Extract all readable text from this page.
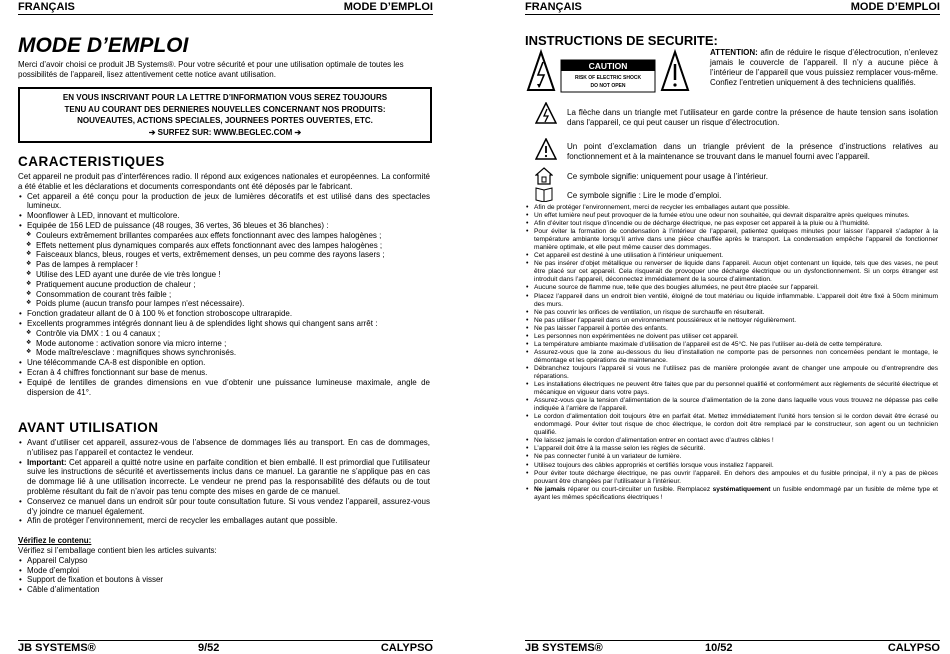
FRANÇAIS	MODE D’EMPLOI
MODE D’EMPLOI
Merci d’avoir choisi ce produit JB Systems®. Pour votre sécurité et pour une utilisation optimale de toutes les possibilités de l’appareil, lisez attentivement cette notice avant utilisation.
EN VOUS INSCRIVANT POUR LA LETTRE D’INFORMATION VOUS SEREZ TOUJOURS
TENU AU COURANT DES DERNIERES NOUVELLES CONCERNANT NOS PRODUITS:
NOUVEAUTES, ACTIONS SPECIALES, JOURNEES PORTES OUVERTES, ETC.
➔ SURFEZ SUR: WWW.BEGLEC.COM ➔
CARACTERISTIQUES
Cet appareil ne produit pas d’interférences radio. Il répond aux exigences nationales et européennes. La conformité a été établie et les déclarations et documents correspondants ont été déposés par le fabricant.
• Cet appareil a été conçu pour la production de jeux de lumières décoratifs et est utilisé dans des spectacles lumineux.
• Moonflower à LED, innovant et multicolore.
• Equipée de 156 LED de puissance (48 rouges, 36 vertes, 36 bleues et 36 blanches) :
❖ Couleurs extrêmement brillantes comparées aux effets fonctionnant avec des lampes halogènes ;
❖ Effets nettement plus dynamiques comparés aux effets fonctionnant avec des lampes halogènes ;
❖ Faisceaux blancs, bleus, rouges et verts, extrêmement denses, un peu comme des rayons lasers ;
❖ Pas de lampes à remplacer !
❖ Utilise des LED ayant une durée de vie très longue !
❖ Pratiquement aucune production de chaleur ;
❖ Consommation de courant très faible ;
❖ Poids plume (aucun transfo pour lampes n'est nécessaire).
• Fonction gradateur allant de 0 à 100 % et fonction stroboscope ultrarapide.
• Excellents programmes intégrés donnant lieu à de splendides light shows qui changent sans arrêt :
❖ Contrôle via DMX : 1 ou 4 canaux ;
❖ Mode autonome : activation sonore via micro interne ;
❖ Mode maître/esclave : magnifiques shows synchronisés.
• Une télécommande CA-8 est disponible en option.
• Ecran à 4 chiffres fonctionnant sur base de menus.
• Equipé de lentilles de grandes dimensions en vue d’obtenir une puissance lumineuse maximale, angle de dispersion de 41°.
AVANT UTILISATION
• Avant d’utiliser cet appareil, assurez-vous de l’absence de dommages liés au transport. En cas de dommages, n’utilisez pas l’appareil et contactez le vendeur.
• Important: Cet appareil a quitté notre usine en parfaite condition et bien emballé. Il est primordial que l’utilisateur suive les instructions de sécurité et avertissements inclus dans ce manuel. La garantie ne s’applique pas en cas de dommage lié à une utilisation incorrecte. Le vendeur ne prend pas la responsabilité des défauts ou de tout problème résultant du fait de n’avoir pas tenu compte des mises en garde de ce manuel.
• Conservez ce manuel dans un endroit sûr pour toute consultation future. Si vous vendez l’appareil, assurez-vous d’y joindre ce manuel également.
• Afin de protéger l’environnement, merci de recycler les emballages autant que possible.
Vérifiez le contenu:
Vérifiez si l’emballage contient bien les articles suivants:
• Appareil Calypso
• Mode d’emploi
• Support de fixation et boutons à visser
• Câble d’alimentation
JB SYSTEMS®	9/52	CALYPSO
FRANÇAIS	MODE D’EMPLOI
INSTRUCTIONS DE SECURITE:
CAUTION
RISK OF ELECTRIC SHOCK
DO NOT OPEN
ATTENTION: afin de réduire le risque d’électrocution, n’enlevez jamais le couvercle de l’appareil. Il n’y a aucune pièce à l’intérieur de l’appareil que vous puissiez remplacer vous-même. Confiez l’entretien uniquement à des techniciens qualifiés.
La flèche dans un triangle met l’utilisateur en garde contre la présence de haute tension sans isolation dans l'appareil, ce qui peut causer un risque d’électrocution.
Un point d’exclamation dans un triangle prévient de la présence d’instructions relatives au fonctionnement et à la maintenance se trouvant dans le manuel fourni avec l’appareil.
Ce symbole signifie: uniquement pour usage à l’intérieur.
Ce symbole signifie : Lire le mode d’emploi.
• Afin de protéger l’environnement, merci de recycler les emballages autant que possible.
• Un effet lumière neuf peut provoquer de la fumée et/ou une odeur non souhaitée, qui devrait disparaître après quelques minutes.
• Afin d’éviter tout risque d’incendie ou de décharge électrique, ne pas exposer cet appareil à la pluie ou à l’humidité.
• Pour éviter la formation de condensation à l’intérieur de l’appareil, patientez quelques minutes pour laisser l’appareil s’adapter à la température ambiante lorsqu’il arrive dans une pièce chauffée après le transport. La condensation empêche l’appareil de fonctionner manière optimale, et elle peut même causer des dommages.
• Cet appareil est destiné à une utilisation à l’intérieur uniquement.
• Ne pas insérer d’objet métallique ou renverser de liquide dans l’appareil. Aucun objet contenant un liquide, tels que des vases, ne peut être placé sur cet appareil. Cela risquerait de provoquer une décharge électrique ou un dysfonctionnement. Si un corps étranger est introduit dans l’appareil, déconnectez immédiatement de la source d’alimentation.
• Aucune source de flamme nue, telle que des bougies allumées, ne peut être placée sur l’appareil.
• Placez l’appareil dans un endroit bien ventilé, éloigné de tout matériau ou liquide inflammable. L’appareil doit être fixé à 50cm minimum des murs.
• Ne pas couvrir les orifices de ventilation, un risque de surchauffe en résulterait.
• Ne pas utiliser l’appareil dans un environnement poussiéreux et le nettoyer régulièrement.
• Ne pas laisser l’appareil à portée des enfants.
• Les personnes non expérimentées ne doivent pas utiliser cet appareil.
• La température ambiante maximale d’utilisation de l’appareil est de 45°C. Ne pas l’utiliser au-delà de cette température.
• Assurez-vous que la zone au-dessous du lieu d’installation ne comporte pas de personnes non concernées pendant le montage, le démontage et les opérations de maintenance.
• Débranchez toujours l’appareil si vous ne l’utilisez pas de manière prolongée avant de changer une ampoule ou d’entreprendre des réparations.
• Les installations électriques ne peuvent être faites que par du personnel qualifié et conformément aux règlements de sécurité électrique et mécanique en vigueur dans votre pays.
• Assurez-vous que la tension d’alimentation de la source d’alimentation de la zone dans laquelle vous vous trouvez ne dépasse pas celle indiquée à l’arrière de l’appareil.
• Le cordon d’alimentation doit toujours être en parfait état. Mettez immédiatement l’unité hors tension si le cordon devait être écrasé ou endommagé. Pour éviter tout risque de choc électrique, le cordon doit être remplacé par le constructeur, son agent ou un technicien qualifié.
• Ne laissez jamais le cordon d’alimentation entrer en contact avec d’autres câbles !
• L’appareil doit être à la masse selon les règles de sécurité.
• Ne pas connecter l’unité à un variateur de lumière.
• Utilisez toujours des câbles appropriés et certifiés lorsque vous installez l’appareil.
• Pour éviter toute décharge électrique, ne pas ouvrir l’appareil. En dehors des ampoules et du fusible principal, il n’y a pas de pièces pouvant être changées par l’utilisateur à l’intérieur.
• Ne jamais réparer ou court-circuiter un fusible. Remplacez systématiquement un fusible endommagé par un fusible de même type et ayant les mêmes spécifications électriques !
JB SYSTEMS®	10/52	CALYPSO
